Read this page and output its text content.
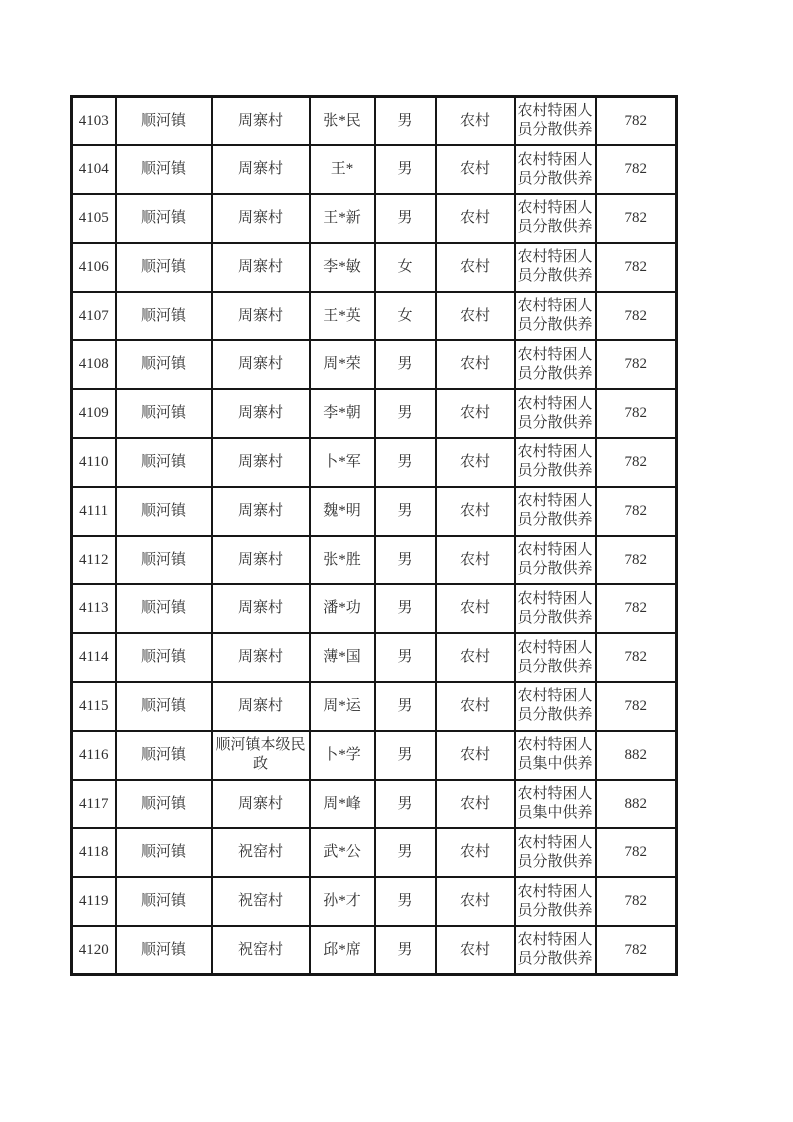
4103	顺河镇	周寨村	张*民	男	农村	农村特困人员分散供养	782
4104	顺河镇	周寨村	王*	男	农村	农村特困人员分散供养	782
4105	顺河镇	周寨村	王*新	男	农村	农村特困人员分散供养	782
4106	顺河镇	周寨村	李*敏	女	农村	农村特困人员分散供养	782
4107	顺河镇	周寨村	王*英	女	农村	农村特困人员分散供养	782
4108	顺河镇	周寨村	周*荣	男	农村	农村特困人员分散供养	782
4109	顺河镇	周寨村	李*朝	男	农村	农村特困人员分散供养	782
4110	顺河镇	周寨村	卜*军	男	农村	农村特困人员分散供养	782
4111	顺河镇	周寨村	魏*明	男	农村	农村特困人员分散供养	782
4112	顺河镇	周寨村	张*胜	男	农村	农村特困人员分散供养	782
4113	顺河镇	周寨村	潘*功	男	农村	农村特困人员分散供养	782
4114	顺河镇	周寨村	薄*国	男	农村	农村特困人员分散供养	782
4115	顺河镇	周寨村	周*运	男	农村	农村特困人员分散供养	782
4116	顺河镇	顺河镇本级民政	卜*学	男	农村	农村特困人员集中供养	882
4117	顺河镇	周寨村	周*峰	男	农村	农村特困人员集中供养	882
4118	顺河镇	祝窑村	武*公	男	农村	农村特困人员分散供养	782
4119	顺河镇	祝窑村	孙*才	男	农村	农村特困人员分散供养	782
4120	顺河镇	祝窑村	邱*席	男	农村	农村特困人员分散供养	782
